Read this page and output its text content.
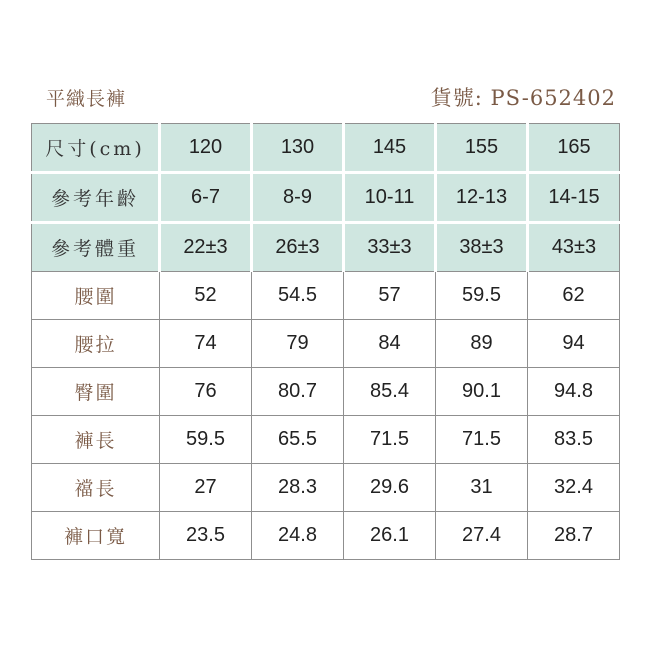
平織長褲	貨號: PS-652402
尺寸(cm)	120	130	145	155	165
參考年齡	6-7	8-9	10-11	12-13	14-15
參考體重	22±3	26±3	33±3	38±3	43±3
腰圍	52	54.5	57	59.5	62
腰拉	74	79	84	89	94
臀圍	76	80.7	85.4	90.1	94.8
褲長	59.5	65.5	71.5	71.5	83.5
襠長	27	28.3	29.6	31	32.4
褲口寬	23.5	24.8	26.1	27.4	28.7
